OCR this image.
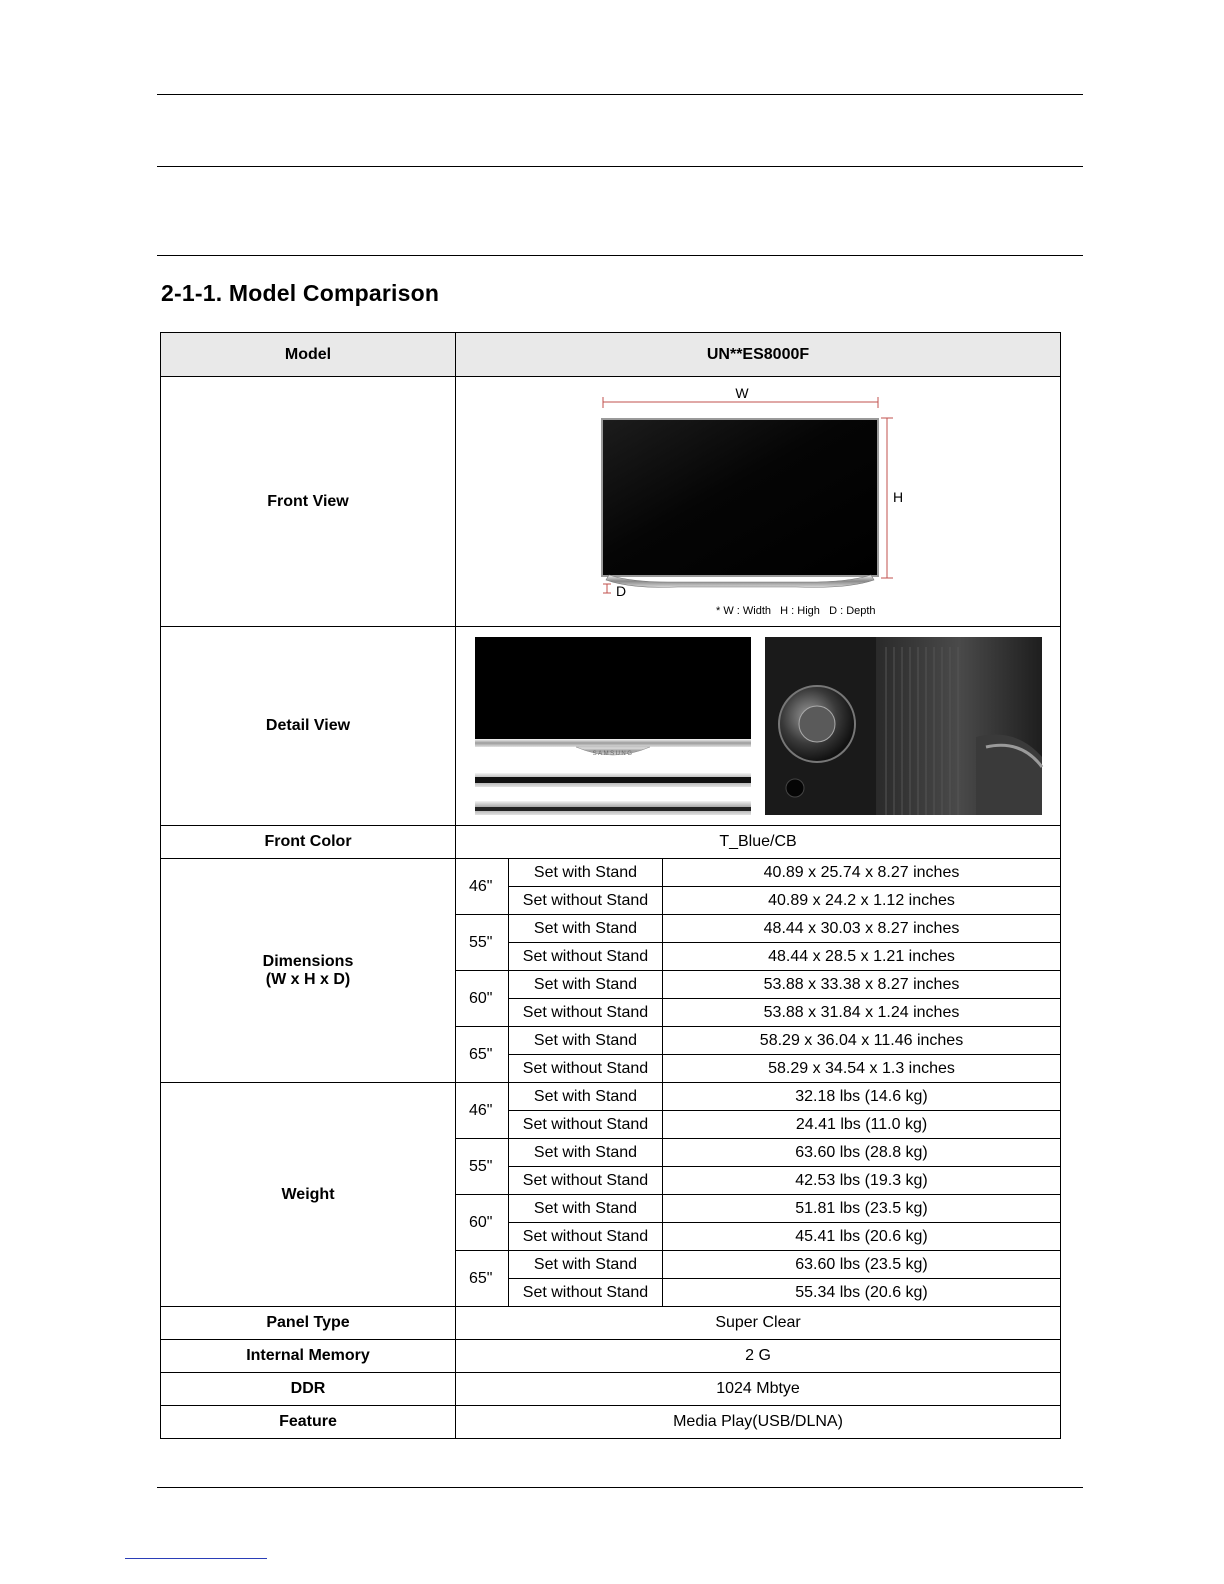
2-1-1. Model Comparison
Model	UN**ES8000F		
Front View	W
H
D
* W : Width   H : High   D : Depth		

Detail View	SAMSUNG		

Front Color	T_Blue/CB		
Dimensions
(W x H x D)	46"	Set with Stand	40.89 x 25.74 x 8.27 inches
		Set without Stand	40.89 x 24.2 x 1.12 inches
	55"	Set with Stand	48.44 x 30.03 x 8.27 inches
		Set without Stand	48.44 x 28.5 x 1.21 inches
	60"	Set with Stand	53.88 x 33.38 x 8.27 inches
		Set without Stand	53.88 x 31.84 x 1.24 inches
	65"	Set with Stand	58.29 x 36.04 x 11.46 inches
		Set without Stand	58.29 x 34.54 x 1.3 inches
Weight	46"	Set with Stand	32.18 lbs (14.6 kg)
		Set without Stand	24.41 lbs (11.0 kg)
	55"	Set with Stand	63.60 lbs (28.8 kg)
		Set without Stand	42.53 lbs (19.3 kg)
	60"	Set with Stand	51.81 lbs (23.5 kg)
		Set without Stand	45.41 lbs (20.6 kg)
	65"	Set with Stand	63.60 lbs (23.5 kg)
		Set without Stand	55.34 lbs (20.6 kg)
Panel Type	Super Clear		
Internal Memory	2 G		
DDR	1024 Mbtye		
Feature	Media Play(USB/DLNA)		
